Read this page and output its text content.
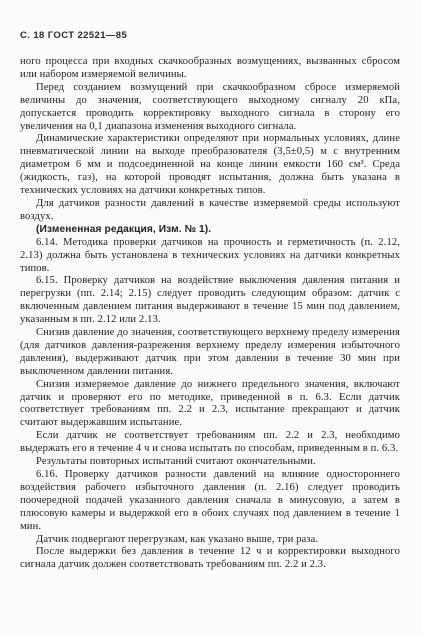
С. 18 ГОСТ 22521—85

ного процесса при входных скачкообразных возмущениях, вызванных сбросом или набором измеряемой величины.

Перед созданием возмущений при скачкообразном сбросе измеряемой величины до значения, соответствующего выходному сигналу 20 кПа, допускается проводить корректировку выходного сигнала в сторону его увеличения на 0,1 диапазона изменения выходного сигнала.

Динамические характеристики определяют при нормальных условиях, длине пневматической линии на выходе преобразователя (3,5±0,5) м с внутренним диаметром 6 мм и подсоединенной на конце линии емкости 160 см³. Среда (жидкость, газ), на которой проводят испытания, должна быть указана в технических условиях на датчики конкретных типов.

Для датчиков разности давлений в качестве измеряемой среды используют воздух.

(Измененная редакция, Изм. № 1).

6.14. Методика проверки датчиков на прочность и герметичность (п. 2.12, 2.13) должна быть установлена в технических условиях на датчики конкретных типов.

6.15. Проверку датчиков на воздействие выключения давления питания и перегрузки (пп. 2.14; 2.15) следует проводить следующим образом: датчик с включенным давлением питания выдерживают в течение 15 мин под давлением, указанным в пп. 2.12 или 2.13.

Снизив давление до значения, соответствующего верхнему пределу измерения (для датчиков давления-разрежения верхнему пределу измерения избыточного давления), выдерживают датчик при этом давлении в течение 30 мин при выключенном давлении питания.

Снизив измеряемое давление до нижнего предельного значения, включают датчик и проверяют его по методике, приведенной в п. 6.3. Если датчик соответствует требованиям пп. 2.2 и 2.3, испытание прекращают и датчик считают выдержавшим испытание.

Если датчик не соответствует требованиям пп. 2.2 и 2.3, необходимо выдержать его в течение 4 ч и снова испытать по способам, приведенным в п. 6.3.

Результаты повторных испытаний считают окончательными.

6.16. Проверку датчиков разности давлений на влияние одностороннего воздействия рабочего избыточного давления (п. 2.16) следует проводить поочередной подачей указанного давления сначала в минусовую, а затем в плюсовую камеры и выдержкой его в обоих случаях под давлением в течение 1 мин.

Датчик подвергают перегрузкам, как указано выше, три раза.

После выдержки без давления в течение 12 ч и корректировки выходного сигнала датчик должен соответствовать требованиям пп. 2.2 и 2.3.
